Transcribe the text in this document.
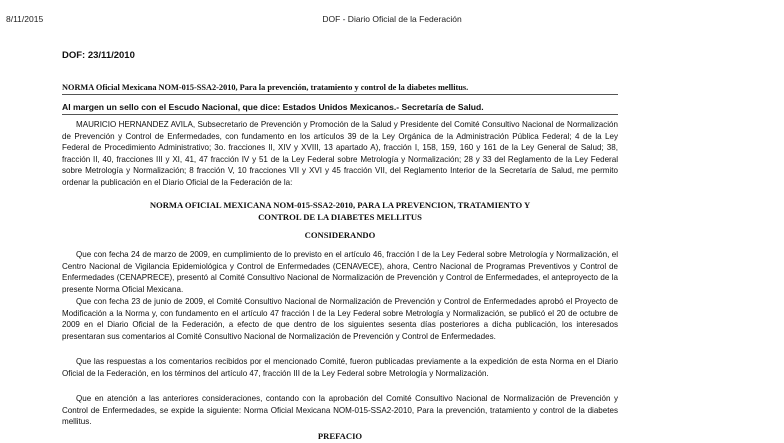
8/11/2015	DOF - Diario Oficial de la Federación
DOF: 23/11/2010
NORMA Oficial Mexicana NOM-015-SSA2-2010, Para la prevención, tratamiento y control de la diabetes mellitus.
Al margen un sello con el Escudo Nacional, que dice: Estados Unidos Mexicanos.- Secretaría de Salud.

MAURICIO HERNANDEZ AVILA, Subsecretario de Prevención y Promoción de la Salud y Presidente del Comité Consultivo Nacional de Normalización de Prevención y Control de Enfermedades, con fundamento en los artículos 39 de la Ley Orgánica de la Administración Pública Federal; 4 de la Ley Federal de Procedimiento Administrativo; 3o. fracciones II, XIV y XVIII, 13 apartado A), fracción I, 158, 159, 160 y 161 de la Ley General de Salud; 38, fracción II, 40, fracciones III y XI, 41, 47 fracción IV y 51 de la Ley Federal sobre Metrología y Normalización; 28 y 33 del Reglamento de la Ley Federal sobre Metrología y Normalización; 8 fracción V, 10 fracciones VII y XVI y 45 fracción VII, del Reglamento Interior de la Secretaría de Salud, me permito ordenar la publicación en el Diario Oficial de la Federación de la:

NORMA OFICIAL MEXICANA NOM-015-SSA2-2010, PARA LA PREVENCION, TRATAMIENTO Y
CONTROL DE LA DIABETES MELLITUS
CONSIDERANDO

Que con fecha 24 de marzo de 2009, en cumplimiento de lo previsto en el artículo 46, fracción I de la Ley Federal sobre Metrología y Normalización, el Centro Nacional de Vigilancia Epidemiológica y Control de Enfermedades (CENAVECE), ahora, Centro Nacional de Programas Preventivos y Control de Enfermedades (CENAPRECE), presentó al Comité Consultivo Nacional de Normalización de Prevención y Control de Enfermedades, el anteproyecto de la presente Norma Oficial Mexicana.

Que con fecha 23 de junio de 2009, el Comité Consultivo Nacional de Normalización de Prevención y Control de Enfermedades aprobó el Proyecto de Modificación a la Norma y, con fundamento en el artículo 47 fracción I de la Ley Federal sobre Metrología y Normalización, se publicó el 20 de octubre de 2009 en el Diario Oficial de la Federación, a efecto de que dentro de los siguientes sesenta días posteriores a dicha publicación, los interesados presentaran sus comentarios al Comité Consultivo Nacional de Normalización de Prevención y Control de Enfermedades.

Que las respuestas a los comentarios recibidos por el mencionado Comité, fueron publicadas previamente a la expedición de esta Norma en el Diario Oficial de la Federación, en los términos del artículo 47, fracción III de la Ley Federal sobre Metrología y Normalización.

Que en atención a las anteriores consideraciones, contando con la aprobación del Comité Consultivo Nacional de Normalización de Prevención y Control de Enfermedades, se expide la siguiente: Norma Oficial Mexicana NOM-015-SSA2-2010, Para la prevención, tratamiento y control de la diabetes mellitus.

PREFACIO
